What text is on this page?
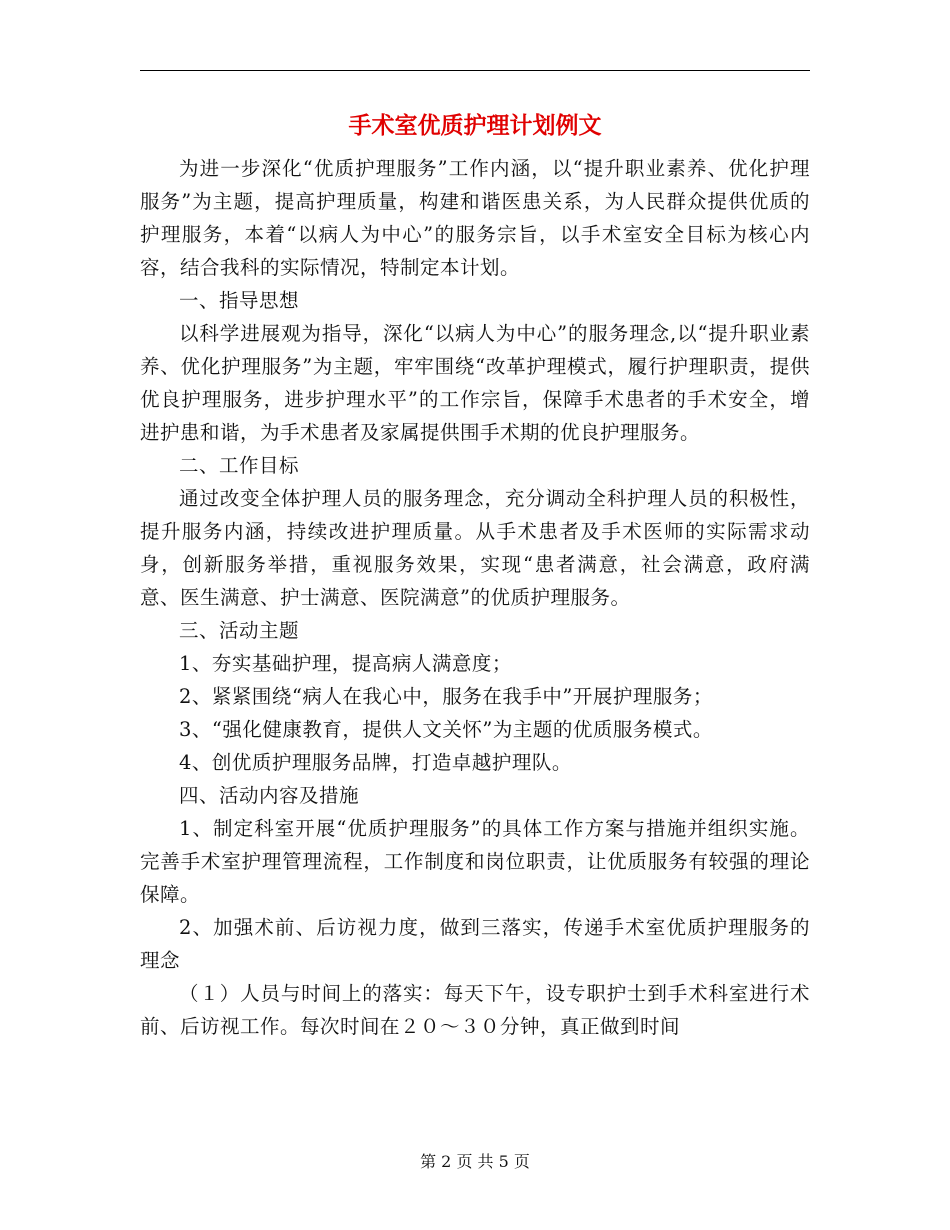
手术室优质护理计划例文

为进一步深化“优质护理服务”工作内涵，以“提升职业素养、优化护理服务”为主题，提高护理质量，构建和谐医患关系，为人民群众提供优质的护理服务，本着“以病人为中心”的服务宗旨，以手术室安全目标为核心内容，结合我科的实际情况，特制定本计划。

一、指导思想

以科学进展观为指导，深化“以病人为中心”的服务理念,以“提升职业素养、优化护理服务”为主题，牢牢围绕“改革护理模式，履行护理职责，提供优良护理服务，进步护理水平”的工作宗旨，保障手术患者的手术安全，增进护患和谐，为手术患者及家属提供围手术期的优良护理服务。

二、工作目标

通过改变全体护理人员的服务理念，充分调动全科护理人员的积极性，提升服务内涵，持续改进护理质量。从手术患者及手术医师的实际需求动身，创新服务举措，重视服务效果，实现“患者满意，社会满意，政府满意、医生满意、护士满意、医院满意”的优质护理服务。

三、活动主题

1、夯实基础护理，提高病人满意度；

2、紧紧围绕“病人在我心中，服务在我手中”开展护理服务；

3、“强化健康教育，提供人文关怀”为主题的优质服务模式。

4、创优质护理服务品牌，打造卓越护理队。

四、活动内容及措施

1、制定科室开展“优质护理服务”的具体工作方案与措施并组织实施。完善手术室护理管理流程，工作制度和岗位职责，让优质服务有较强的理论保障。

2、加强术前、后访视力度，做到三落实，传递手术室优质护理服务的理念

（１）人员与时间上的落实：每天下午，设专职护士到手术科室进行术前、后访视工作。每次时间在２０～３０分钟，真正做到时间

第 2 页 共 5 页
